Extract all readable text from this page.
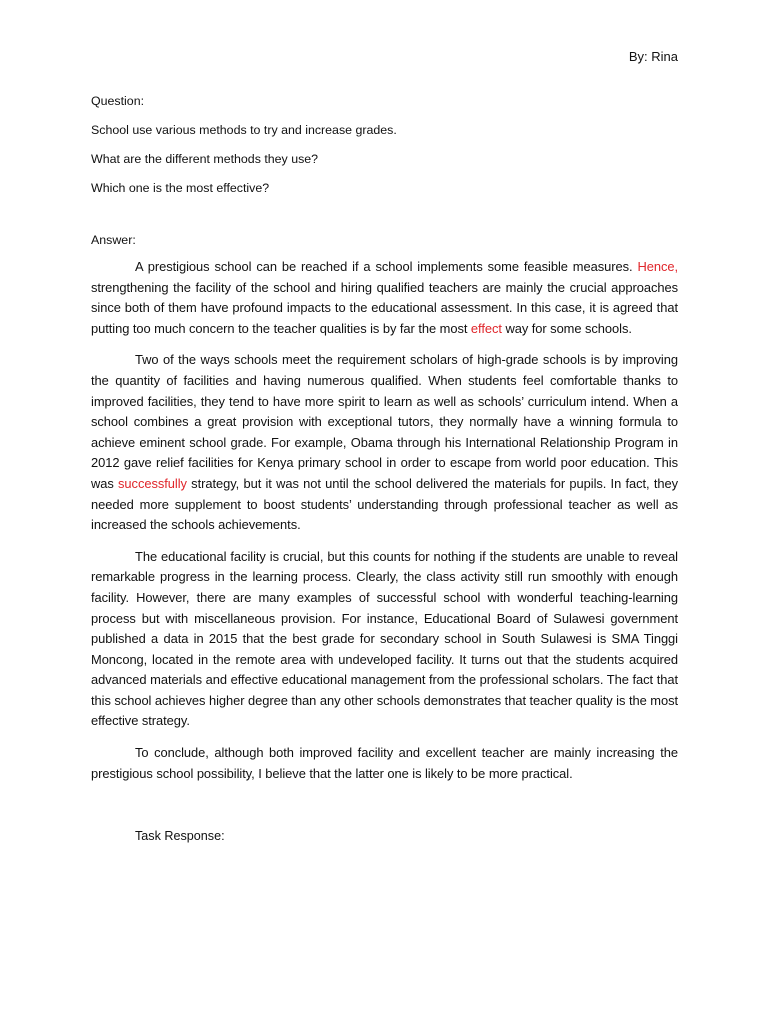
By: Rina
Question:
School use various methods to try and increase grades.
What are the different methods they use?
Which one is the most effective?
Answer:

A prestigious school can be reached if a school implements some feasible measures. Hence, strengthening the facility of the school and hiring qualified teachers are mainly the crucial approaches since both of them have profound impacts to the educational assessment. In this case, it is agreed that putting too much concern to the teacher qualities is by far the most effect way for some schools.

Two of the ways schools meet the requirement scholars of high-grade schools is by improving the quantity of facilities and having numerous qualified. When students feel comfortable thanks to improved facilities, they tend to have more spirit to learn as well as schools’ curriculum intend. When a school combines a great provision with exceptional tutors, they normally have a winning formula to achieve eminent school grade. For example, Obama through his International Relationship Program in 2012 gave relief facilities for Kenya primary school in order to escape from world poor education. This was successfully strategy, but it was not until the school delivered the materials for pupils. In fact, they needed more supplement to boost students’ understanding through professional teacher as well as increased the schools achievements.

The educational facility is crucial, but this counts for nothing if the students are unable to reveal remarkable progress in the learning process. Clearly, the class activity still run smoothly with enough facility. However, there are many examples of successful school with wonderful teaching-learning process but with miscellaneous provision. For instance, Educational Board of Sulawesi government published a data in 2015 that the best grade for secondary school in South Sulawesi is SMA Tinggi Moncong, located in the remote area with undeveloped facility. It turns out that the students acquired advanced materials and effective educational management from the professional scholars. The fact that this school achieves higher degree than any other schools demonstrates that teacher quality is the most effective strategy.

To conclude, although both improved facility and excellent teacher are mainly increasing the prestigious school possibility, I believe that the latter one is likely to be more practical.

Task Response:
